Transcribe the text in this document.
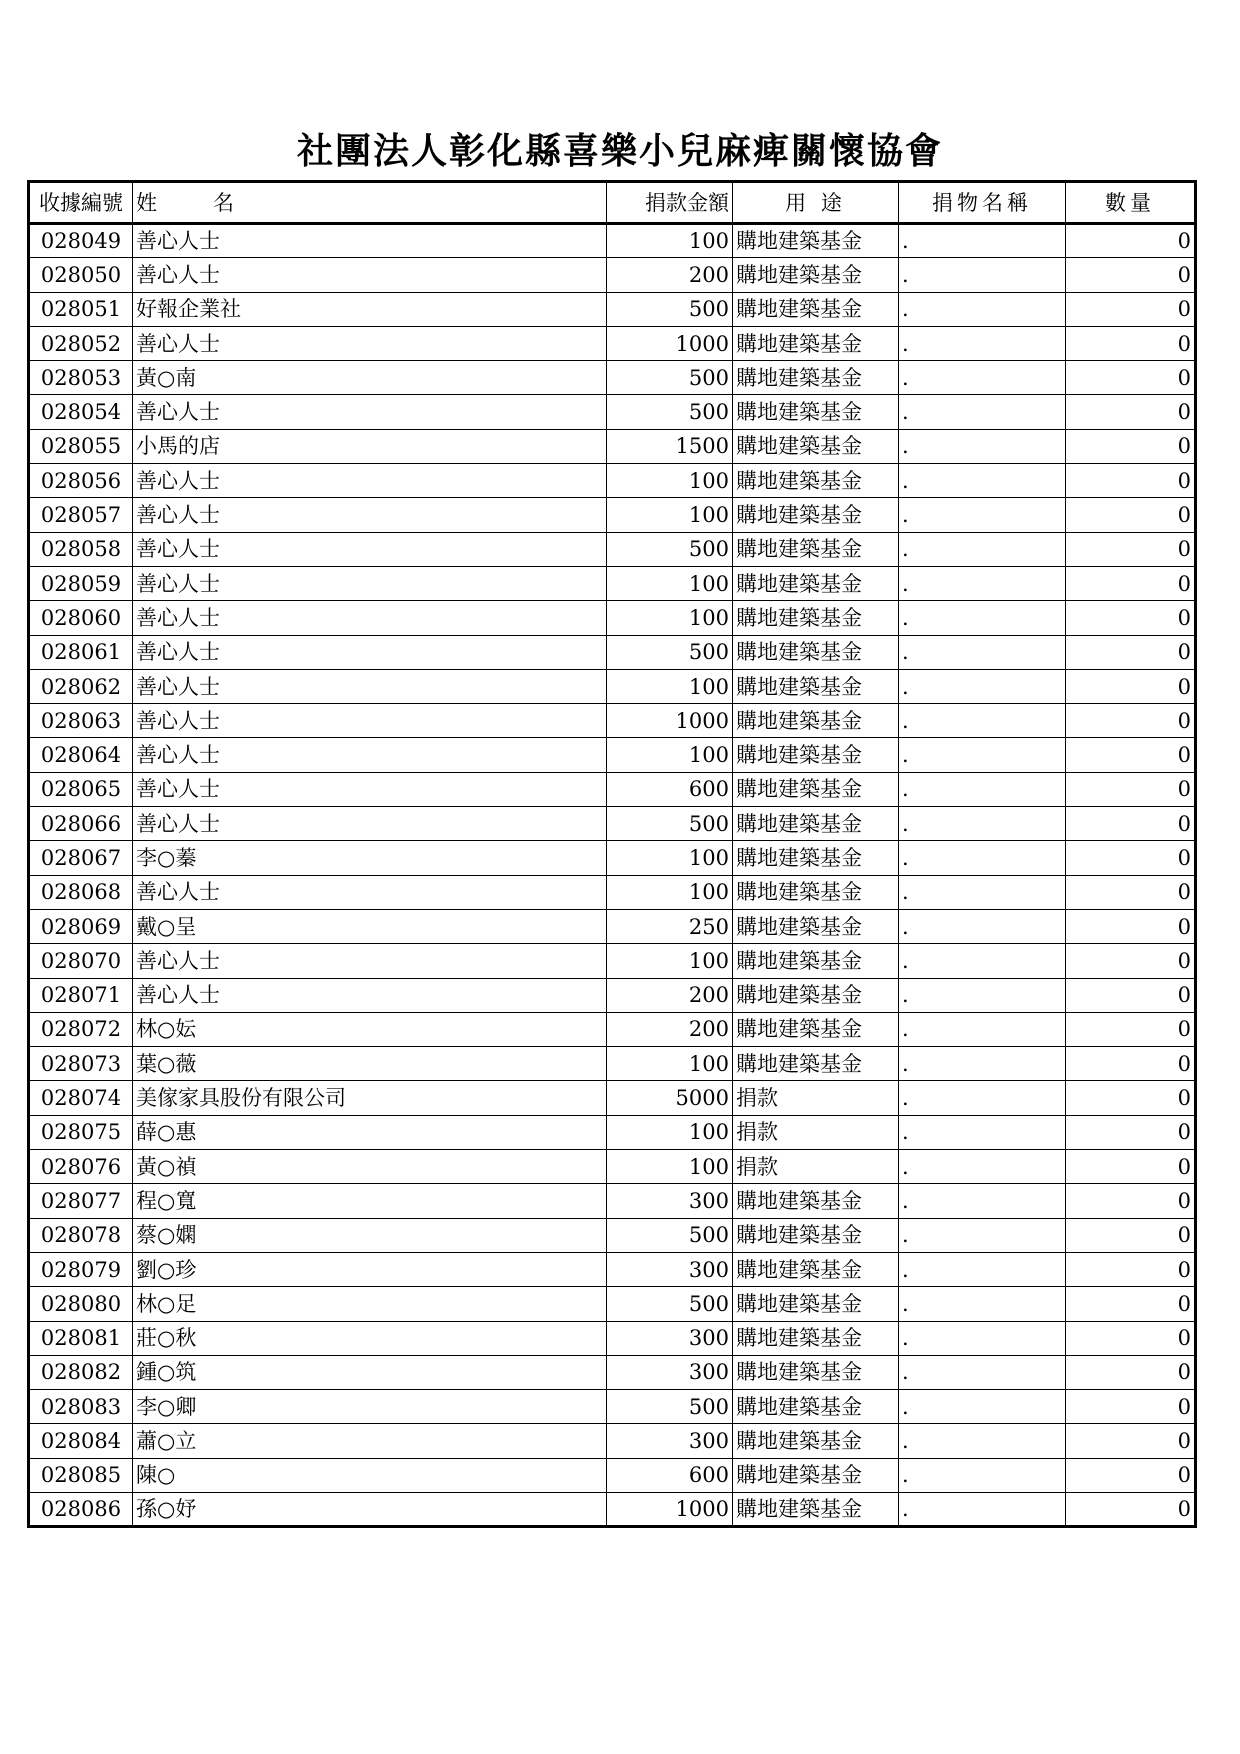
社團法人彰化縣喜樂小兒麻痺關懷協會
收據編號	姓 名	捐款金額	用 途	捐物名稱	數量
028049	善心人士	100	購地建築基金	.	0
028050	善心人士	200	購地建築基金	.	0
028051	好報企業社	500	購地建築基金	.	0
028052	善心人士	1000	購地建築基金	.	0
028053	黃○南	500	購地建築基金	.	0
028054	善心人士	500	購地建築基金	.	0
028055	小馬的店	1500	購地建築基金	.	0
028056	善心人士	100	購地建築基金	.	0
028057	善心人士	100	購地建築基金	.	0
028058	善心人士	500	購地建築基金	.	0
028059	善心人士	100	購地建築基金	.	0
028060	善心人士	100	購地建築基金	.	0
028061	善心人士	500	購地建築基金	.	0
028062	善心人士	100	購地建築基金	.	0
028063	善心人士	1000	購地建築基金	.	0
028064	善心人士	100	購地建築基金	.	0
028065	善心人士	600	購地建築基金	.	0
028066	善心人士	500	購地建築基金	.	0
028067	李○蓁	100	購地建築基金	.	0
028068	善心人士	100	購地建築基金	.	0
028069	戴○呈	250	購地建築基金	.	0
028070	善心人士	100	購地建築基金	.	0
028071	善心人士	200	購地建築基金	.	0
028072	林○妘	200	購地建築基金	.	0
028073	葉○薇	100	購地建築基金	.	0
028074	美傢家具股份有限公司	5000	捐款	.	0
028075	薛○惠	100	捐款	.	0
028076	黃○禎	100	捐款	.	0
028077	程○寬	300	購地建築基金	.	0
028078	蔡○嫻	500	購地建築基金	.	0
028079	劉○珍	300	購地建築基金	.	0
028080	林○足	500	購地建築基金	.	0
028081	莊○秋	300	購地建築基金	.	0
028082	鍾○筑	300	購地建築基金	.	0
028083	李○卿	500	購地建築基金	.	0
028084	蕭○立	300	購地建築基金	.	0
028085	陳○	600	購地建築基金	.	0
028086	孫○妤	1000	購地建築基金	.	0
